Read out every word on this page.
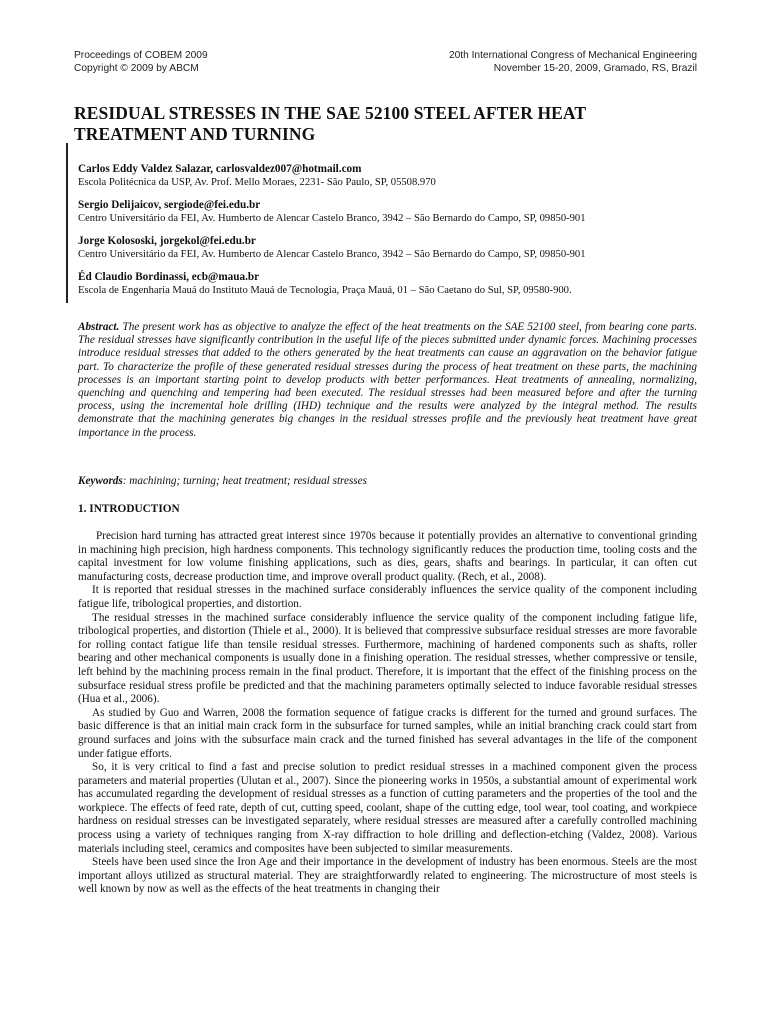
Proceedings of COBEM 2009
Copyright © 2009 by ABCM
20th International Congress of Mechanical Engineering
November 15-20, 2009, Gramado, RS, Brazil
RESIDUAL STRESSES IN THE SAE 52100 STEEL AFTER HEAT TREATMENT AND TURNING
Carlos Eddy Valdez Salazar, carlosvaldez007@hotmail.com
Escola Politécnica da USP, Av. Prof. Mello Moraes, 2231- São Paulo, SP, 05508.970
Sergio Delijaicov, sergiode@fei.edu.br
Centro Universitário da FEI, Av. Humberto de Alencar Castelo Branco, 3942 – São Bernardo do Campo, SP, 09850-901
Jorge Kolososki, jorgekol@fei.edu.br
Centro Universitário da FEI, Av. Humberto de Alencar Castelo Branco, 3942 – São Bernardo do Campo, SP, 09850-901
Éd Claudio Bordinassi, ecb@maua.br
Escola de Engenharia Mauá do Instituto Mauá de Tecnologia, Praça Mauá, 01 – São Caetano do Sul, SP, 09580-900.
Abstract. The present work has as objective to analyze the effect of the heat treatments on the SAE 52100 steel, from bearing cone parts. The residual stresses have significantly contribution in the useful life of the pieces submitted under dynamic forces. Machining processes introduce residual stresses that added to the others generated by the heat treatments can cause an aggravation on the behavior fatigue part. To characterize the profile of these generated residual stresses during the process of heat treatment on these parts, the machining processes is an important starting point to develop products with better performances. Heat treatments of annealing, normalizing, quenching and quenching and tempering had been executed. The residual stresses had been measured before and after the turning process, using the incremental hole drilling (IHD) technique and the results were analyzed by the integral method. The results demonstrate that the machining generates big changes in the residual stresses profile and the previously heat treatment have great importance in the process.
Keywords: machining; turning; heat treatment; residual stresses
1. INTRODUCTION

Precision hard turning has attracted great interest since 1970s because it potentially provides an alternative to conventional grinding in machining high precision, high hardness components. This technology significantly reduces the production time, tooling costs and the capital investment for low volume finishing applications, such as dies, gears, shafts and bearings. In particular, it can often cut manufacturing costs, decrease production time, and improve overall product quality. (Rech, et al., 2008).

It is reported that residual stresses in the machined surface considerably influences the service quality of the component including fatigue life, tribological properties, and distortion.

The residual stresses in the machined surface considerably influence the service quality of the component including fatigue life, tribological properties, and distortion (Thiele et al., 2000). It is believed that compressive subsurface residual stresses are more favorable for rolling contact fatigue life than tensile residual stresses. Furthermore, machining of hardened components such as shafts, roller bearing and other mechanical components is usually done in a finishing operation. The residual stresses, whether compressive or tensile, left behind by the machining process remain in the final product. Therefore, it is important that the effect of the finishing process on the subsurface residual stress profile be predicted and that the machining parameters optimally selected to induce favorable residual stresses (Hua et al., 2006).

As studied by Guo and Warren, 2008 the formation sequence of fatigue cracks is different for the turned and ground surfaces. The basic difference is that an initial main crack form in the subsurface for turned samples, while an initial branching crack could start from ground surfaces and joins with the subsurface main crack and the turned finished has several advantages in the life of the component under fatigue efforts.

So, it is very critical to find a fast and precise solution to predict residual stresses in a machined component given the process parameters and material properties (Ulutan et al., 2007). Since the pioneering works in 1950s, a substantial amount of experimental work has accumulated regarding the development of residual stresses as a function of cutting parameters and the properties of the tool and the workpiece. The effects of feed rate, depth of cut, cutting speed, coolant, shape of the cutting edge, tool wear, tool coating, and workpiece hardness on residual stresses can be investigated separately, where residual stresses are measured after a carefully controlled machining process using a variety of techniques ranging from X-ray diffraction to hole drilling and deflection-etching (Valdez, 2008). Various materials including steel, ceramics and composites have been subjected to similar measurements.

Steels have been used since the Iron Age and their importance in the development of industry has been enormous. Steels are the most important alloys utilized as structural material. They are straightforwardly related to engineering. The microstructure of most steels is well known by now as well as the effects of the heat treatments in changing their
